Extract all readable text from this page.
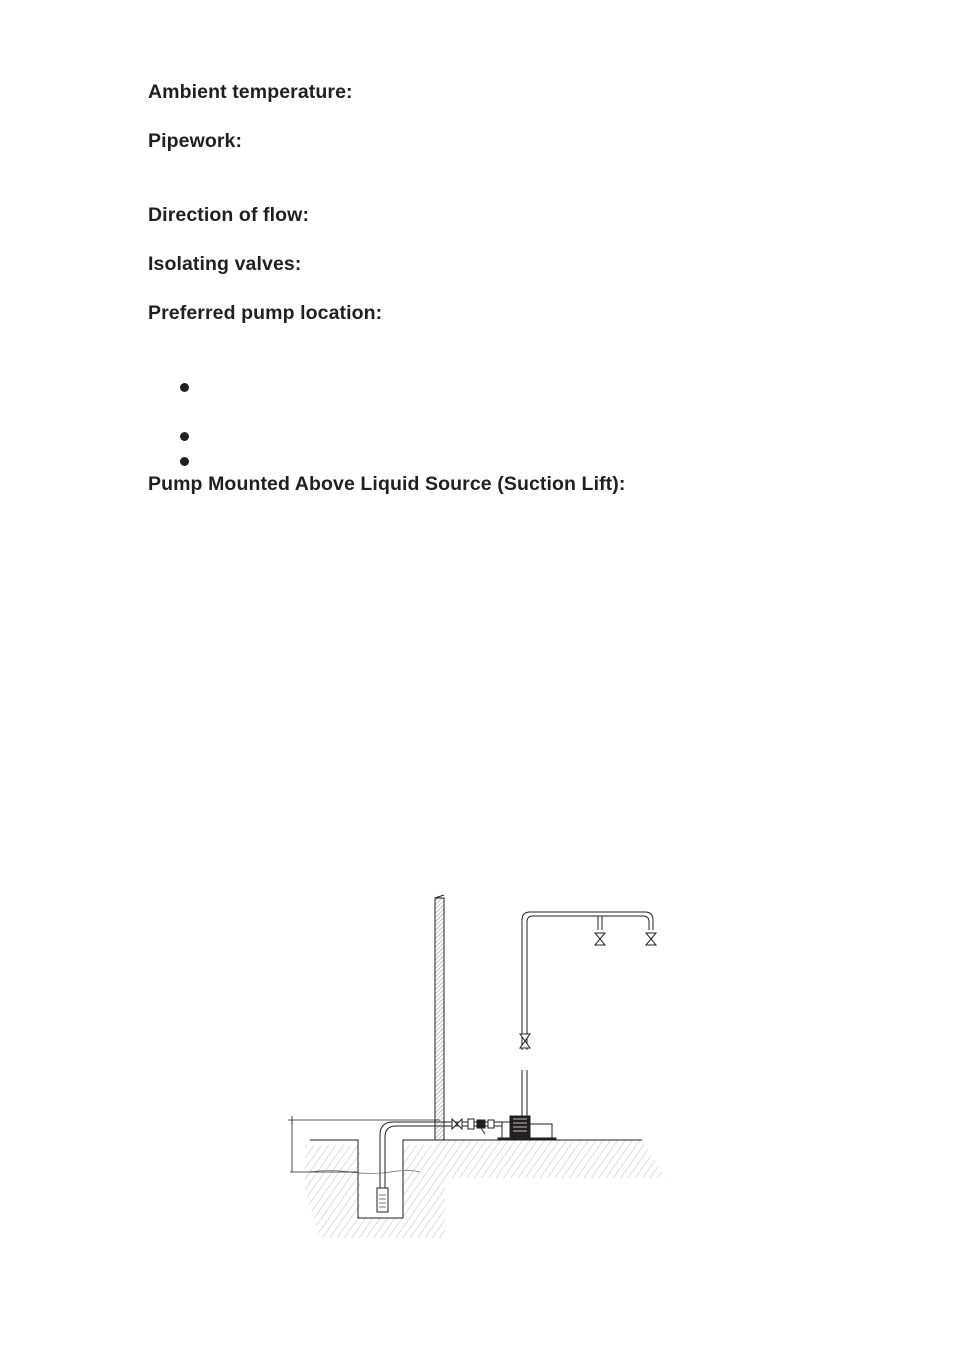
Ambient temperature:
Pipework:
Direction of flow:
Isolating valves:
Preferred pump location:
Pump Mounted Above Liquid Source (Suction Lift):
